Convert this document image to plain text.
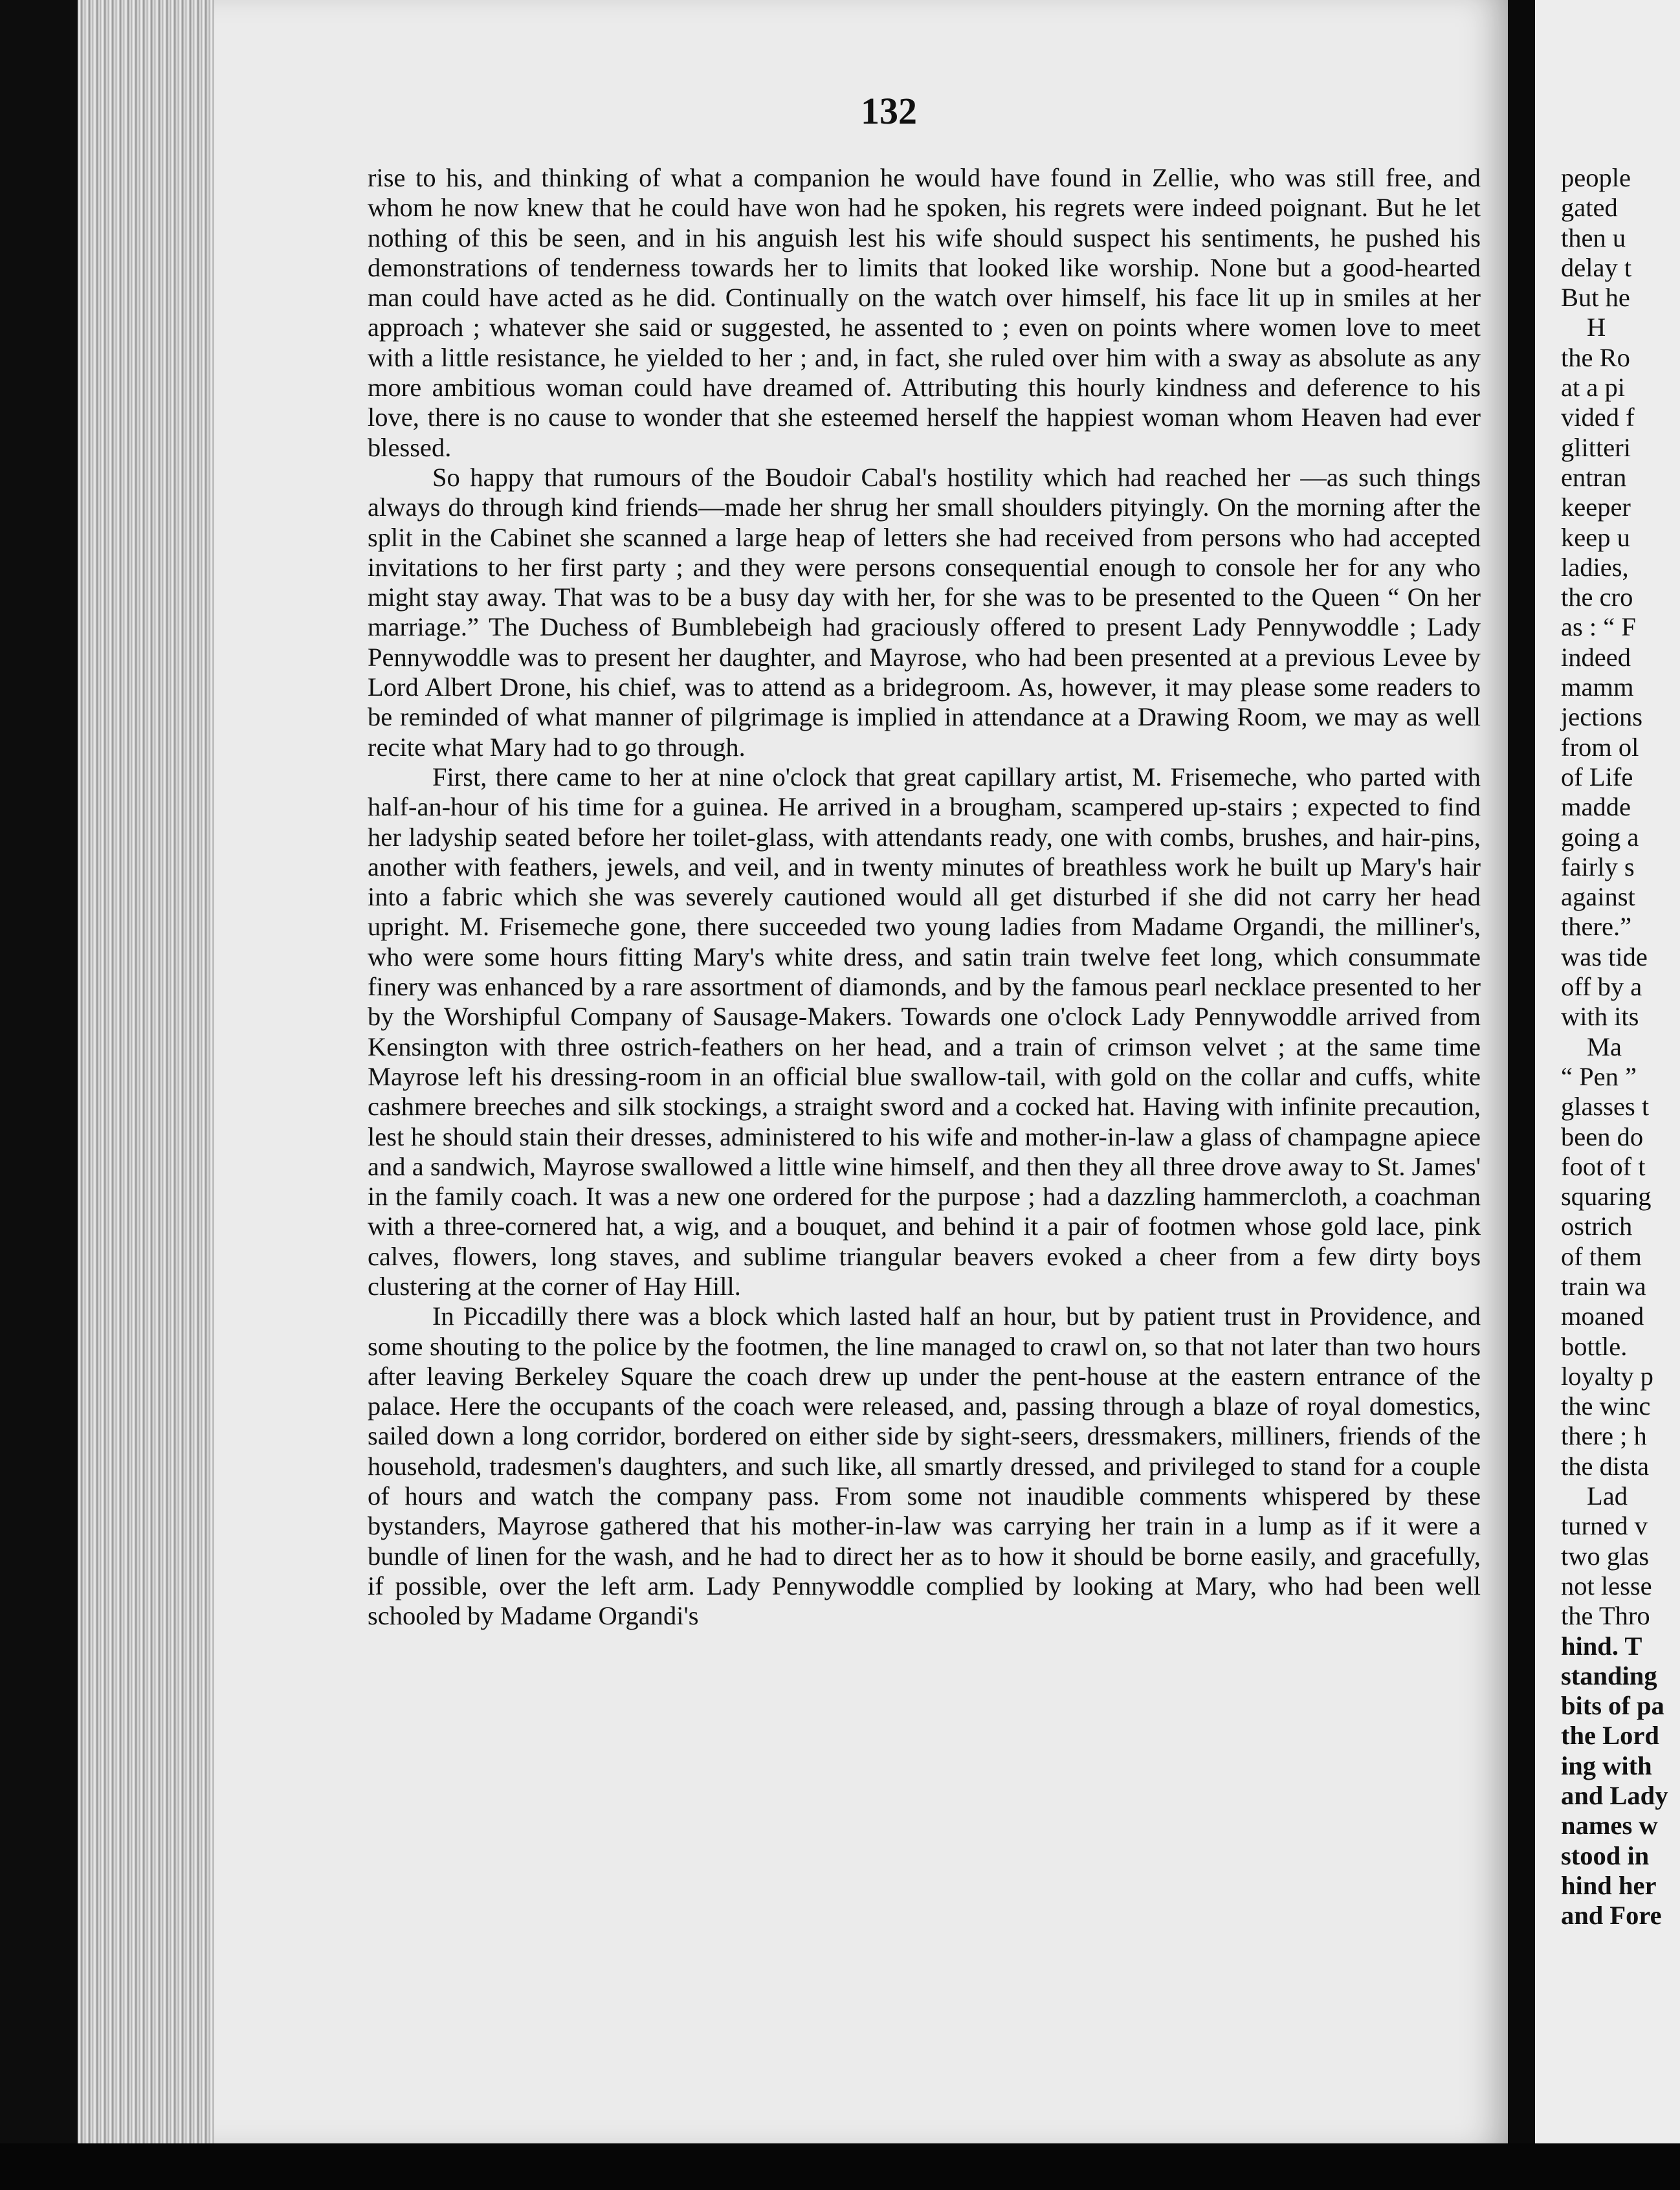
132

rise to his, and thinking of what a companion he would have found in Zellie, who was still free, and whom he now knew that he could have won had he spoken, his regrets were indeed poignant. But he let nothing of this be seen, and in his anguish lest his wife should suspect his sentiments, he pushed his demonstrations of tenderness towards her to limits that looked like worship. None but a good-hearted man could have acted as he did. Continually on the watch over himself, his face lit up in smiles at her approach ; whatever she said or suggested, he assented to ; even on points where women love to meet with a little resistance, he yielded to her ; and, in fact, she ruled over him with a sway as absolute as any more ambitious woman could have dreamed of. Attributing this hourly kindness and deference to his love, there is no cause to wonder that she esteemed herself the happiest woman whom Heaven had ever blessed.

So happy that rumours of the Boudoir Cabal's hostility which had reached her —as such things always do through kind friends—made her shrug her small shoulders pityingly. On the morning after the split in the Cabinet she scanned a large heap of letters she had received from persons who had accepted invitations to her first party ; and they were persons consequential enough to console her for any who might stay away. That was to be a busy day with her, for she was to be presented to the Queen “ On her marriage.” The Duchess of Bumblebeigh had graciously offered to present Lady Pennywoddle ; Lady Pennywoddle was to present her daughter, and Mayrose, who had been presented at a previous Levee by Lord Albert Drone, his chief, was to attend as a bridegroom. As, however, it may please some readers to be reminded of what manner of pilgrimage is implied in attendance at a Drawing Room, we may as well recite what Mary had to go through.

First, there came to her at nine o'clock that great capillary artist, M. Frisemeche, who parted with half-an-hour of his time for a guinea. He arrived in a brougham, scampered up-stairs ; expected to find her ladyship seated before her toilet-glass, with attendants ready, one with combs, brushes, and hair-pins, another with feathers, jewels, and veil, and in twenty minutes of breathless work he built up Mary's hair into a fabric which she was severely cautioned would all get disturbed if she did not carry her head upright. M. Frisemeche gone, there succeeded two young ladies from Madame Organdi, the milliner's, who were some hours fitting Mary's white dress, and satin train twelve feet long, which consummate finery was enhanced by a rare assortment of diamonds, and by the famous pearl necklace presented to her by the Worshipful Company of Sausage-Makers. Towards one o'clock Lady Pennywoddle arrived from Kensington with three ostrich-feathers on her head, and a train of crimson velvet ; at the same time Mayrose left his dressing-room in an official blue swallow-tail, with gold on the collar and cuffs, white cashmere breeches and silk stockings, a straight sword and a cocked hat. Having with infinite precaution, lest he should stain their dresses, administered to his wife and mother-in-law a glass of champagne apiece and a sandwich, Mayrose swallowed a little wine himself, and then they all three drove away to St. James' in the family coach. It was a new one ordered for the purpose ; had a dazzling hammercloth, a coachman with a three-cornered hat, a wig, and a bouquet, and behind it a pair of footmen whose gold lace, pink calves, flowers, long staves, and sublime triangular beavers evoked a cheer from a few dirty boys clustering at the corner of Hay Hill.

In Piccadilly there was a block which lasted half an hour, but by patient trust in Providence, and some shouting to the police by the footmen, the line managed to crawl on, so that not later than two hours after leaving Berkeley Square the coach drew up under the pent-house at the eastern entrance of the palace. Here the occupants of the coach were released, and, passing through a blaze of royal domestics, sailed down a long corridor, bordered on either side by sight-seers, dressmakers, milliners, friends of the household, tradesmen's daughters, and such like, all smartly dressed, and privileged to stand for a couple of hours and watch the company pass. From some not inaudible comments whispered by these bystanders, Mayrose gathered that his mother-in-law was carrying her train in a lump as if it were a bundle of linen for the wash, and he had to direct her as to how it should be borne easily, and gracefully, if possible, over the left arm. Lady Pennywoddle complied by looking at Mary, who had been well schooled by Madame Organdi's

people
gated
then u
delay t
But he
H
the Ro
at a pi
vided f
glitteri
entran
keeper
keep u
ladies,
the cro
as : “ F
indeed
mamm
jections
from ol
of Life
madde
going a
fairly s
against
there.”
was tide
off by a
with its
Ma
“ Pen ”
glasses t
been do
foot of t
squaring
ostrich
of them
train wa
moaned
bottle.
loyalty p
the winc
there ; h
the dista
Lad
turned v
two glas
not lesse
the Thro
hind. T
standing
bits of pa
the Lord
ing with
and Lady
names w
stood in
hind her
and Fore
